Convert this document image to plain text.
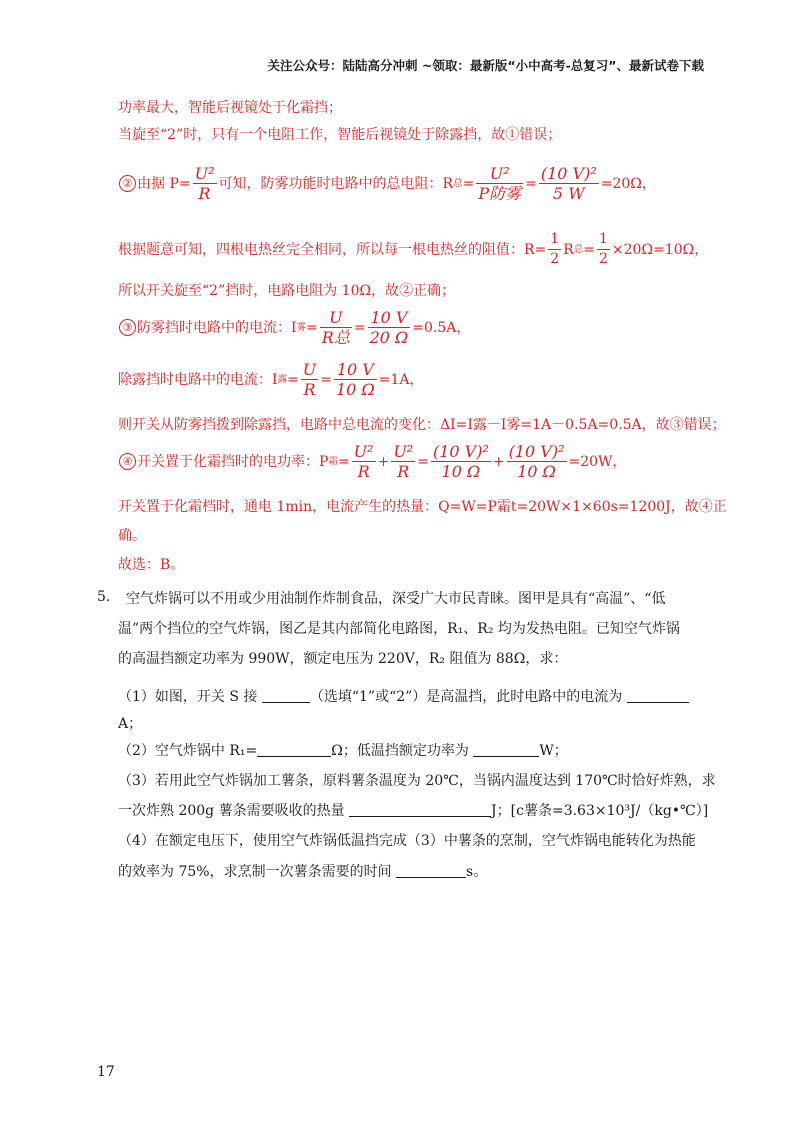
关注公众号：陆陆高分冲刺 ~领取：最新版“小中高考-总复习”、最新试卷下载
功率最大，智能后视镜处于化霜挡；
当旋至“2”时，只有一个电阻工作，智能后视镜处于除露挡，故①错误；
② 由据 $P= \frac{\text{U²}}{R}$ 可知，防雾功能时电路中的总电阻：R 总 = $\frac{\text{U²}}{\text{P防雾}} = \frac{\text{(10 V)²}}{5 W} =20\Omega$，
根据题意可知，四根电热丝完全相同，所以每一根电热丝的阻值：$R= \frac{1}{2}$ R 总 = $\frac{1}{2} \times 20\Omega=10\Omega$，
所以开关旋至“2”挡时，电路电阻为 10Ω，故②正确；
③ 防雾挡时电路中的电流：I 雾 = $\frac{U}{\text{R总}} = \frac{10 V}{20 \Omega} =0.5A$，
除露挡时电路中的电流：I 露 = $\frac{U}{R} = \frac{10 V}{10 \Omega} =1A$，
则开关从防雾挡拨到除露挡，电路中总电流的变化：ΔI=I露－I雾=1A－0.5A=0.5A，故③错误；
④ 开关置于化霜挡时的电功率：P 霜 = $\frac{\text{U²}}{R} + \frac{\text{U²}}{R} = \frac{\text{(10 V)²}}{10 \Omega} + \frac{\text{(10 V)²}}{10 \Omega} =20W$，
开关置于化霜档时，通电 1min，电流产生的热量：Q=W=P霜t=20W×1×60s=1200J，故④正
确。
故选：B。
5. 空气炸锅可以不用或少用油制作炸制食品，深受广大市民青睐。图甲是具有“高温”、“低
温”两个挡位的空气炸锅，图乙是其内部简化电路图，R₁、R₂ 均为发热电阻。已知空气炸锅
的高温挡额定功率为 990W，额定电压为 220V，R₂ 阻值为 88Ω，求：
（1）如图，开关 S 接	（选填“1”或“2”）是高温挡，此时电路中的电流为
A；
（2）空气炸锅中 R₁=	Ω；低温挡额定功率为	W；
（3）若用此空气炸锅加工薯条，原料薯条温度为 20℃，当锅内温度达到 170℃时恰好炸熟，求
一次炸熟 200g 薯条需要吸收的热量	J；[c薯条=3.63×10³J/（kg•℃）]
（4）在额定电压下，使用空气炸锅低温挡完成（3）中薯条的烹制，空气炸锅电能转化为热能
的效率为 75%，求烹制一次薯条需要的时间	s。
17
